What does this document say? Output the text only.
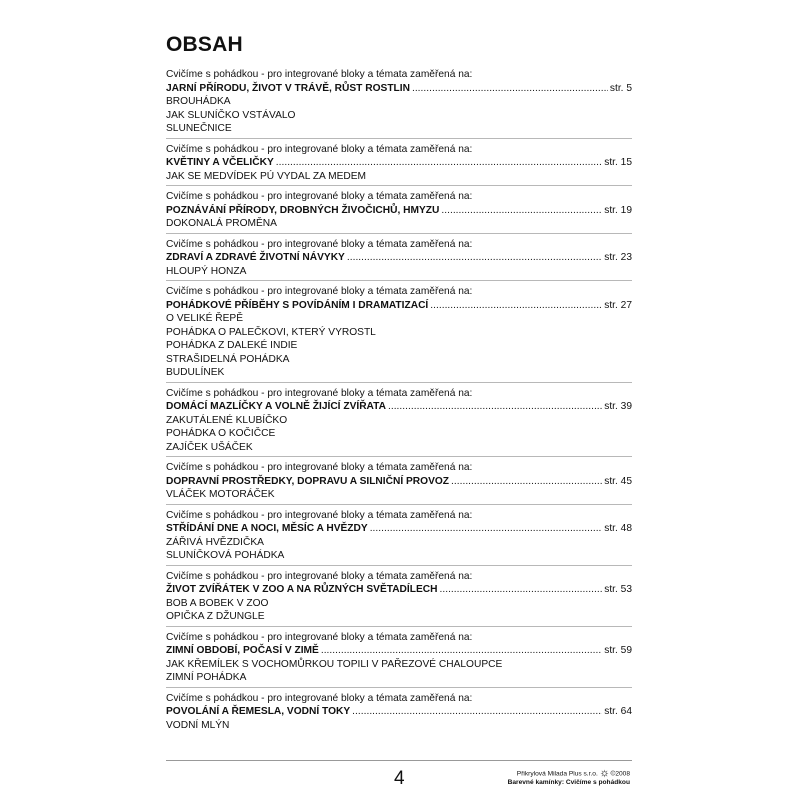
OBSAH
Cvičíme s pohádkou - pro integrované bloky a témata zaměřená na:
JARNÍ PŘÍRODU, ŽIVOT V TRÁVĚ, RŮST ROSTLIN . . .	str. 5
BROUHÁDKA
JAK SLUNÍČKO VSTÁVALO
SLUNEČNICE
Cvičíme s pohádkou - pro integrované bloky a témata zaměřená na:
KVĚTINY A VČELIČKY . . .	str. 15
JAK SE MEDVÍDEK PÚ VYDAL ZA MEDEM
Cvičíme s pohádkou - pro integrované bloky a témata zaměřená na:
POZNÁVÁNÍ PŘÍRODY, DROBNÝCH ŽIVOČICHŮ, HMYZU . . .	str. 19
DOKONALÁ PROMĚNA
Cvičíme s pohádkou - pro integrované bloky a témata zaměřená na:
ZDRAVÍ A ZDRAVÉ ŽIVOTNÍ NÁVYKY . . .	str. 23
HLOUPÝ HONZA
Cvičíme s pohádkou - pro integrované bloky a témata zaměřená na:
POHÁDKOVÉ PŘÍBĚHY S POVÍDÁNÍM I DRAMATIZACÍ . . .	str. 27
O VELIKÉ ŘEPĚ
POHÁDKA O PALEČKOVI, KTERÝ VYROSTL
POHÁDKA Z DALEKÉ INDIE
STRAŠIDELNÁ POHÁDKA
BUDULÍNEK
Cvičíme s pohádkou - pro integrované bloky a témata zaměřená na:
DOMÁCÍ MAZLÍČKY A VOLNĚ ŽIJÍCÍ ZVÍŘATA . . .	str. 39
ZAKUTÁLENÉ KLUBÍČKO
POHÁDKA O KOČIČCE
ZAJÍČEK UŠÁČEK
Cvičíme s pohádkou - pro integrované bloky a témata zaměřená na:
DOPRAVNÍ PROSTŘEDKY, DOPRAVU A SILNIČNÍ PROVOZ . . .	str. 45
VLÁČEK MOTORÁČEK
Cvičíme s pohádkou - pro integrované bloky a témata zaměřená na:
STŘÍDÁNÍ DNE A NOCI, MĚSÍC A HVĚZDY . . .	str. 48
ZÁŘIVÁ HVĚZDIČKA
SLUNÍČKOVÁ POHÁDKA
Cvičíme s pohádkou - pro integrované bloky a témata zaměřená na:
ŽIVOT ZVÍŘÁTEK V ZOO A NA RŮZNÝCH SVĚTADÍLECH . . .	str. 53
BOB A BOBEK V ZOO
OPIČKA Z DŽUNGLE
Cvičíme s pohádkou - pro integrované bloky a témata zaměřená na:
ZIMNÍ OBDOBÍ, POČASÍ V ZIMĚ . . .	str. 59
JAK KŘEMÍLEK S VOCHOMŮRKOU TOPILI V PAŘEZOVÉ CHALOUPCE
ZIMNÍ POHÁDKA
Cvičíme s pohádkou - pro integrované bloky a témata zaměřená na:
POVOLÁNÍ A ŘEMESLA, VODNÍ TOKY . . .	str. 64
VODNÍ MLÝN
4	Přikrylová Milada Plus s.r.o. ©2008
Barevné kamínky: Cvičíme s pohádkou
